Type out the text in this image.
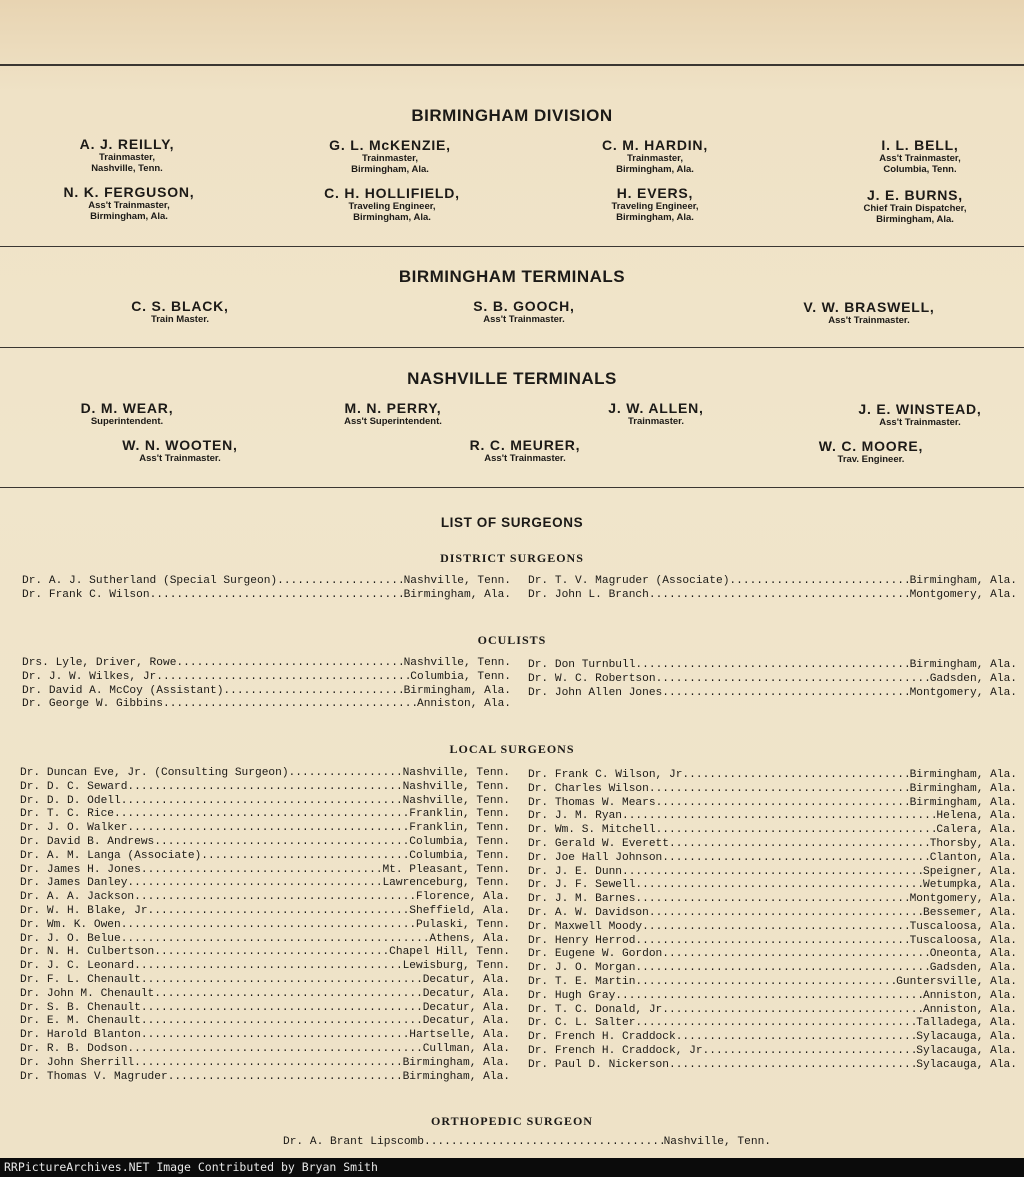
BIRMINGHAM DIVISION
A. J. REILLY,
Trainmaster,
Nashville, Tenn.
G. L. McKENZIE,
Trainmaster,
Birmingham, Ala.
C. M. HARDIN,
Trainmaster,
Birmingham, Ala.
I. L. BELL,
Ass't Trainmaster,
Columbia, Tenn.
N. K. FERGUSON,
Ass't Trainmaster,
Birmingham, Ala.
C. H. HOLLIFIELD,
Traveling Engineer,
Birmingham, Ala.
H. EVERS,
Traveling Engineer,
Birmingham, Ala.
J. E. BURNS,
Chief Train Dispatcher,
Birmingham, Ala.
BIRMINGHAM TERMINALS
C. S. BLACK,
Train Master.
S. B. GOOCH,
Ass't Trainmaster.
V. W. BRASWELL,
Ass't Trainmaster.
NASHVILLE TERMINALS
D. M. WEAR,
Superintendent.
M. N. PERRY,
Ass't Superintendent.
J. W. ALLEN,
Trainmaster.
J. E. WINSTEAD,
Ass't Trainmaster.
W. N. WOOTEN,
Ass't Trainmaster.
R. C. MEURER,
Ass't Trainmaster.
W. C. MOORE,
Trav. Engineer.
LIST OF SURGEONS
DISTRICT SURGEONS
Dr. A. J. Sutherland (Special Surgeon) .....	Nashville, Tenn.
Dr. Frank C. Wilson .....	Birmingham, Ala.
Dr. T. V. Magruder (Associate) .....	Birmingham, Ala.
Dr. John L. Branch .....	Montgomery, Ala.
OCULISTS
Drs. Lyle, Driver, Rowe .....	Nashville, Tenn.
Dr. J. W. Wilkes, Jr. .....	Columbia, Tenn.
Dr. David A. McCoy (Assistant) .....	Birmingham, Ala.
Dr. George W. Gibbins .....	Anniston, Ala.
Dr. Don Turnbull .....	Birmingham, Ala.
Dr. W. C. Robertson .....	Gadsden, Ala.
Dr. John Allen Jones .....	Montgomery, Ala.
LOCAL SURGEONS
Dr. Duncan Eve, Jr. (Consulting Surgeon) .....	Nashville, Tenn.
Dr. D. C. Seward .....	Nashville, Tenn.
Dr. D. D. Odell .....	Nashville, Tenn.
Dr. T. C. Rice .....	Franklin, Tenn.
Dr. J. O. Walker .....	Franklin, Tenn.
Dr. David B. Andrews .....	Columbia, Tenn.
Dr. A. M. Langa (Associate) .....	Columbia, Tenn.
Dr. James H. Jones .....	Mt. Pleasant, Tenn.
Dr. James Danley .....	Lawrenceburg, Tenn.
Dr. A. A. Jackson .....	Florence, Ala.
Dr. W. H. Blake, Jr. .....	Sheffield, Ala.
Dr. Wm. K. Owen .....	Pulaski, Tenn.
Dr. J. O. Belue .....	Athens, Ala.
Dr. N. H. Culbertson .....	Chapel Hill, Tenn.
Dr. J. C. Leonard .....	Lewisburg, Tenn.
Dr. F. L. Chenault .....	Decatur, Ala.
Dr. John M. Chenault .....	Decatur, Ala.
Dr. S. B. Chenault .....	Decatur, Ala.
Dr. E. M. Chenault .....	Decatur, Ala.
Dr. Harold Blanton .....	Hartselle, Ala.
Dr. R. B. Dodson .....	Cullman, Ala.
Dr. John Sherrill .....	Birmingham, Ala.
Dr. Thomas V. Magruder .....	Birmingham, Ala.
Dr. Frank C. Wilson, Jr. .....	Birmingham, Ala.
Dr. Charles Wilson .....	Birmingham, Ala.
Dr. Thomas W. Mears .....	Birmingham, Ala.
Dr. J. M. Ryan .....	Helena, Ala.
Dr. Wm. S. Mitchell .....	Calera, Ala.
Dr. Gerald W. Everett .....	Thorsby, Ala.
Dr. Joe Hall Johnson .....	Clanton, Ala.
Dr. J. E. Dunn .....	Speigner, Ala.
Dr. J. F. Sewell .....	Wetumpka, Ala.
Dr. J. M. Barnes .....	Montgomery, Ala.
Dr. A. W. Davidson .....	Bessemer, Ala.
Dr. Maxwell Moody .....	Tuscaloosa, Ala.
Dr. Henry Herrod .....	Tuscaloosa, Ala.
Dr. Eugene W. Gordon .....	Oneonta, Ala.
Dr. J. O. Morgan .....	Gadsden, Ala.
Dr. T. E. Martin .....	Guntersville, Ala.
Dr. Hugh Gray .....	Anniston, Ala.
Dr. T. C. Donald, Jr. .....	Anniston, Ala.
Dr. C. L. Salter .....	Talladega, Ala.
Dr. French H. Craddock .....	Sylacauga, Ala.
Dr. French H. Craddock, Jr. .....	Sylacauga, Ala.
Dr. Paul D. Nickerson .....	Sylacauga, Ala.
ORTHOPEDIC SURGEON
Dr. A. Brant Lipscomb .....	Nashville, Tenn.
RRPictureArchives.NET Image Contributed by Bryan Smith
